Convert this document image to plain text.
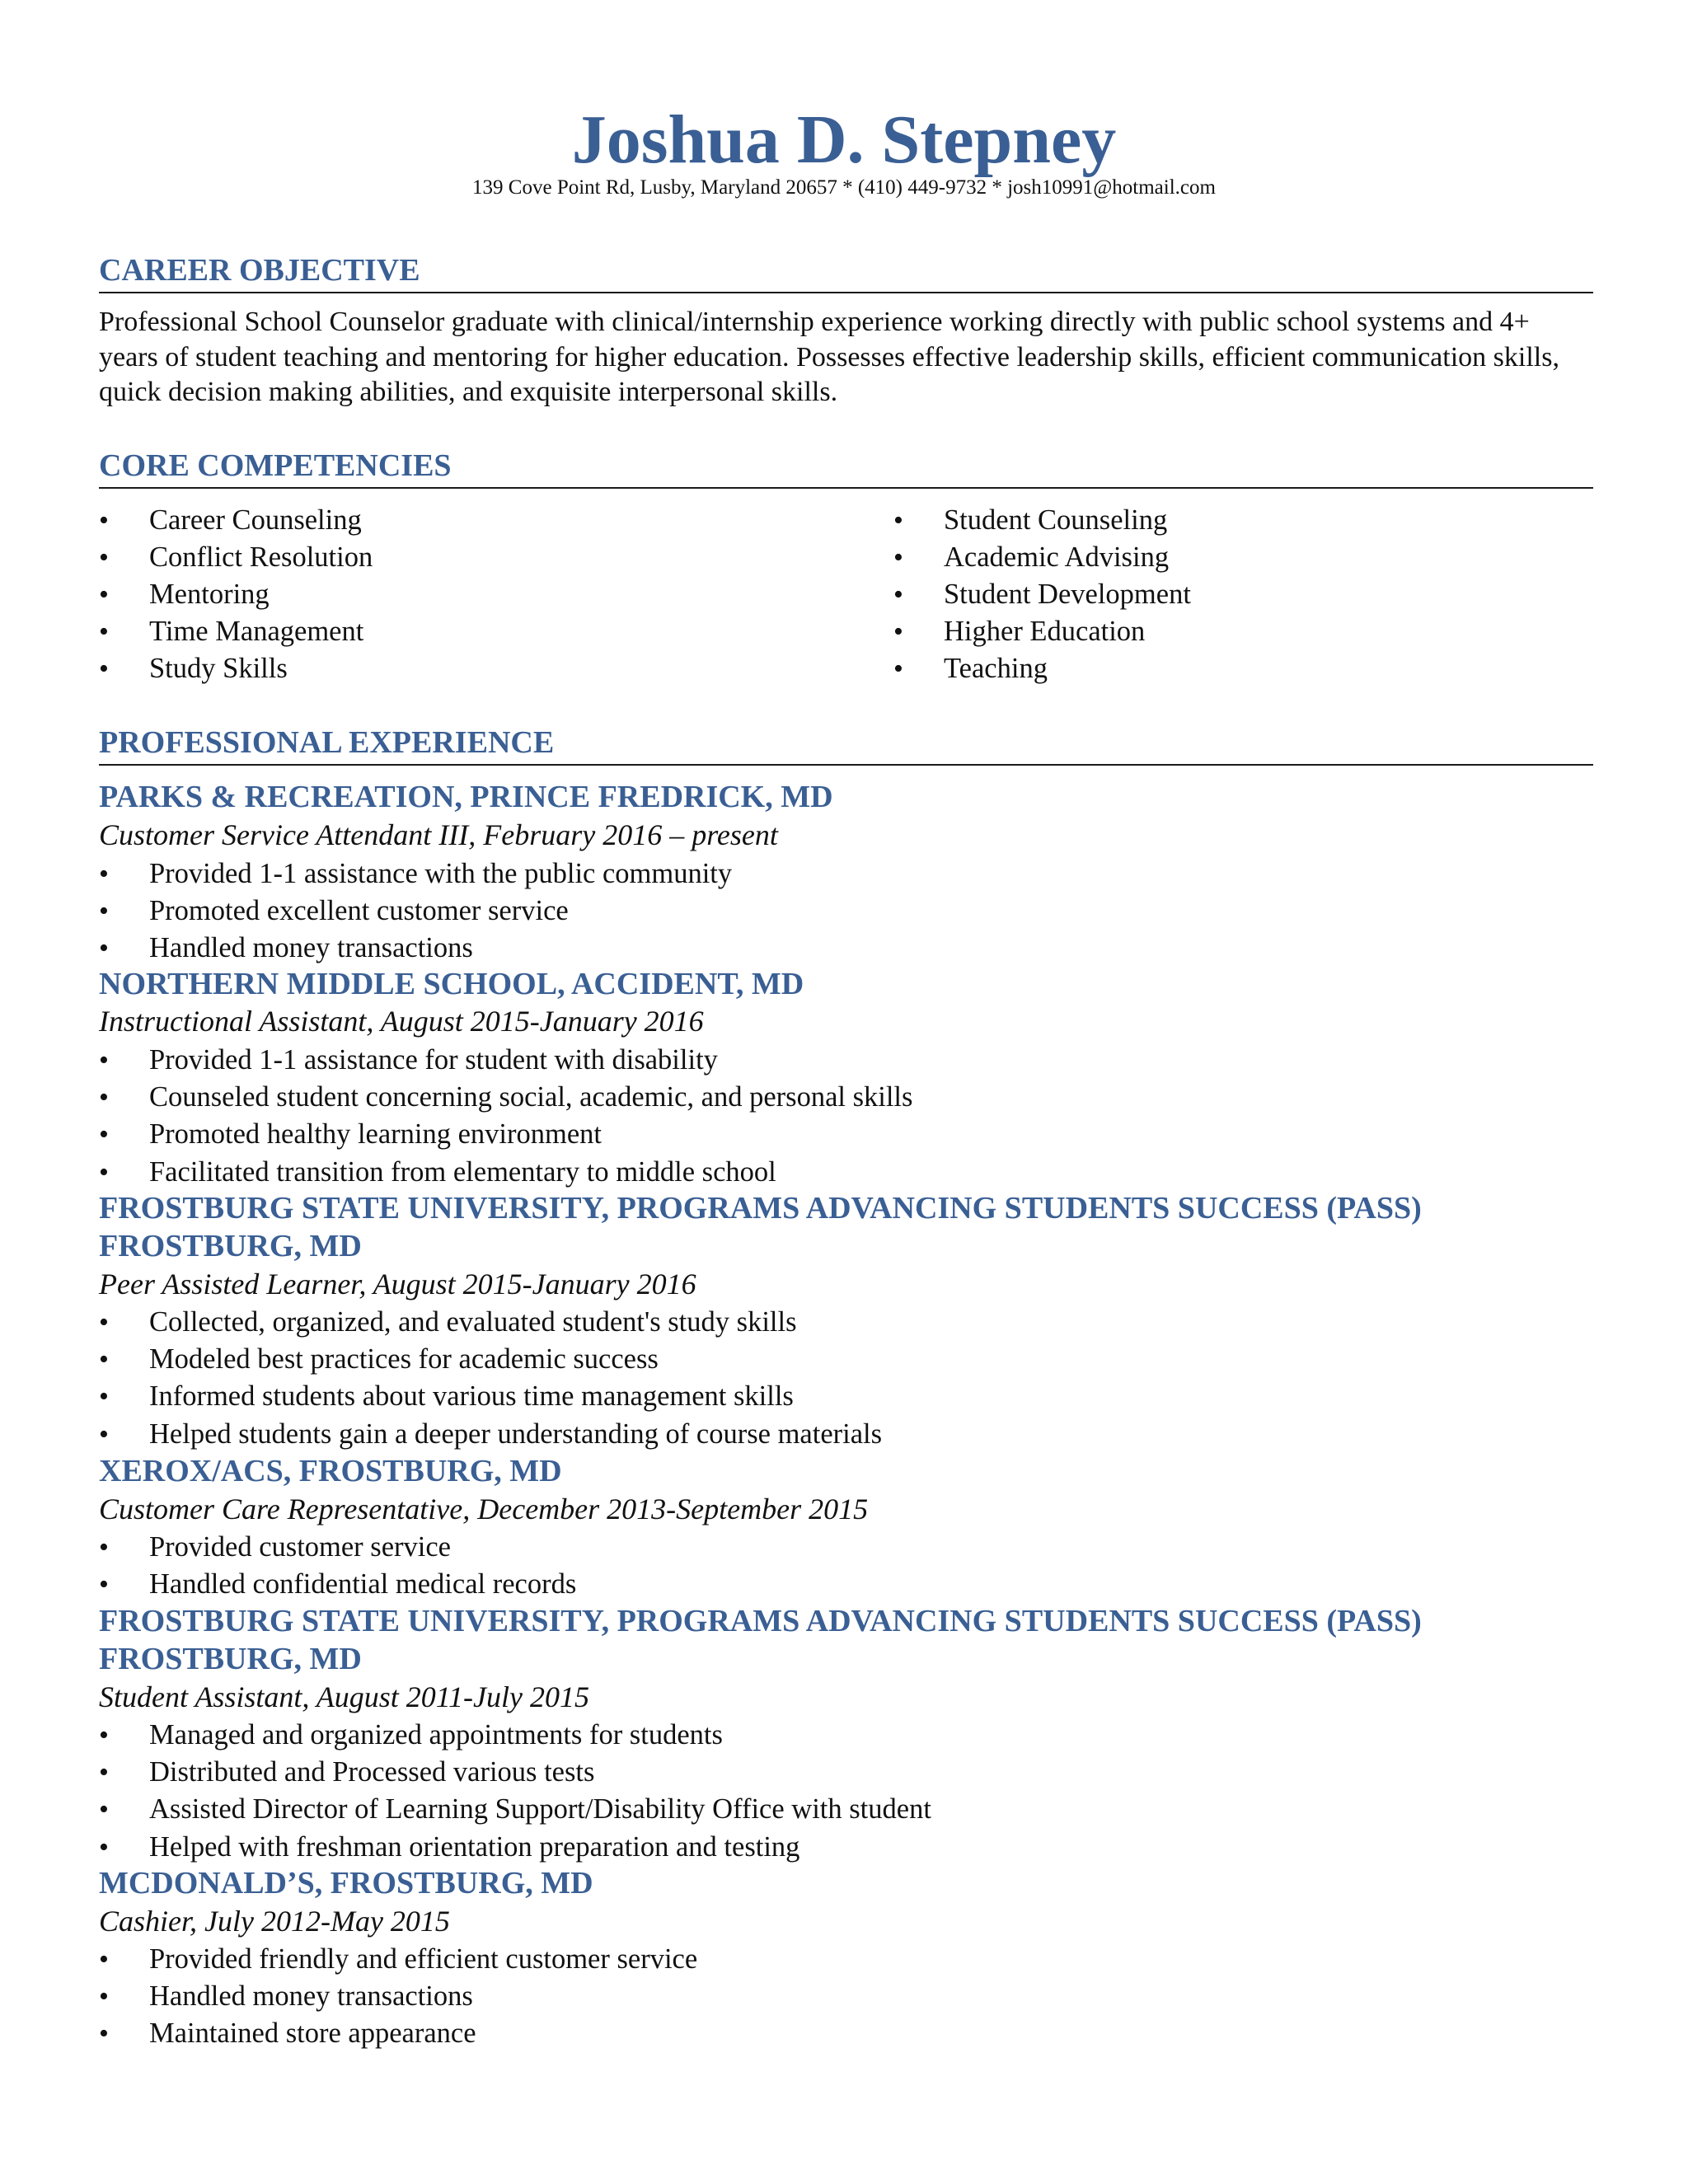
Joshua D. Stepney
139 Cove Point Rd, Lusby, Maryland 20657 * (410) 449-9732 * josh10991@hotmail.com
CAREER OBJECTIVE
Professional School Counselor graduate with clinical/internship experience working directly with public school systems and 4+ years of student teaching and mentoring for higher education. Possesses effective leadership skills, efficient communication skills, quick decision making abilities, and exquisite interpersonal skills.
CORE COMPETENCIES
• Career Counseling
• Conflict Resolution
• Mentoring
• Time Management
• Study Skills
• Student Counseling
• Academic Advising
• Student Development
• Higher Education
• Teaching
PROFESSIONAL EXPERIENCE
PARKS & RECREATION, PRINCE FREDRICK, MD
Customer Service Attendant III, February 2016 – present
• Provided 1-1 assistance with the public community
• Promoted excellent customer service
• Handled money transactions
NORTHERN MIDDLE SCHOOL, ACCIDENT, MD
Instructional Assistant, August 2015-January 2016
• Provided 1-1 assistance for student with disability
• Counseled student concerning social, academic, and personal skills
• Promoted healthy learning environment
• Facilitated transition from elementary to middle school
FROSTBURG STATE UNIVERSITY, PROGRAMS ADVANCING STUDENTS SUCCESS (PASS)
FROSTBURG, MD
Peer Assisted Learner, August 2015-January 2016
• Collected, organized, and evaluated student's study skills
• Modeled best practices for academic success
• Informed students about various time management skills
• Helped students gain a deeper understanding of course materials
XEROX/ACS, FROSTBURG, MD
Customer Care Representative, December 2013-September 2015
• Provided customer service
• Handled confidential medical records
FROSTBURG STATE UNIVERSITY, PROGRAMS ADVANCING STUDENTS SUCCESS (PASS)
FROSTBURG, MD
Student Assistant, August 2011-July 2015
• Managed and organized appointments for students
• Distributed and Processed various tests
• Assisted Director of Learning Support/Disability Office with student
• Helped with freshman orientation preparation and testing
MCDONALD’S, FROSTBURG, MD
Cashier, July 2012-May 2015
• Provided friendly and efficient customer service
• Handled money transactions
• Maintained store appearance
